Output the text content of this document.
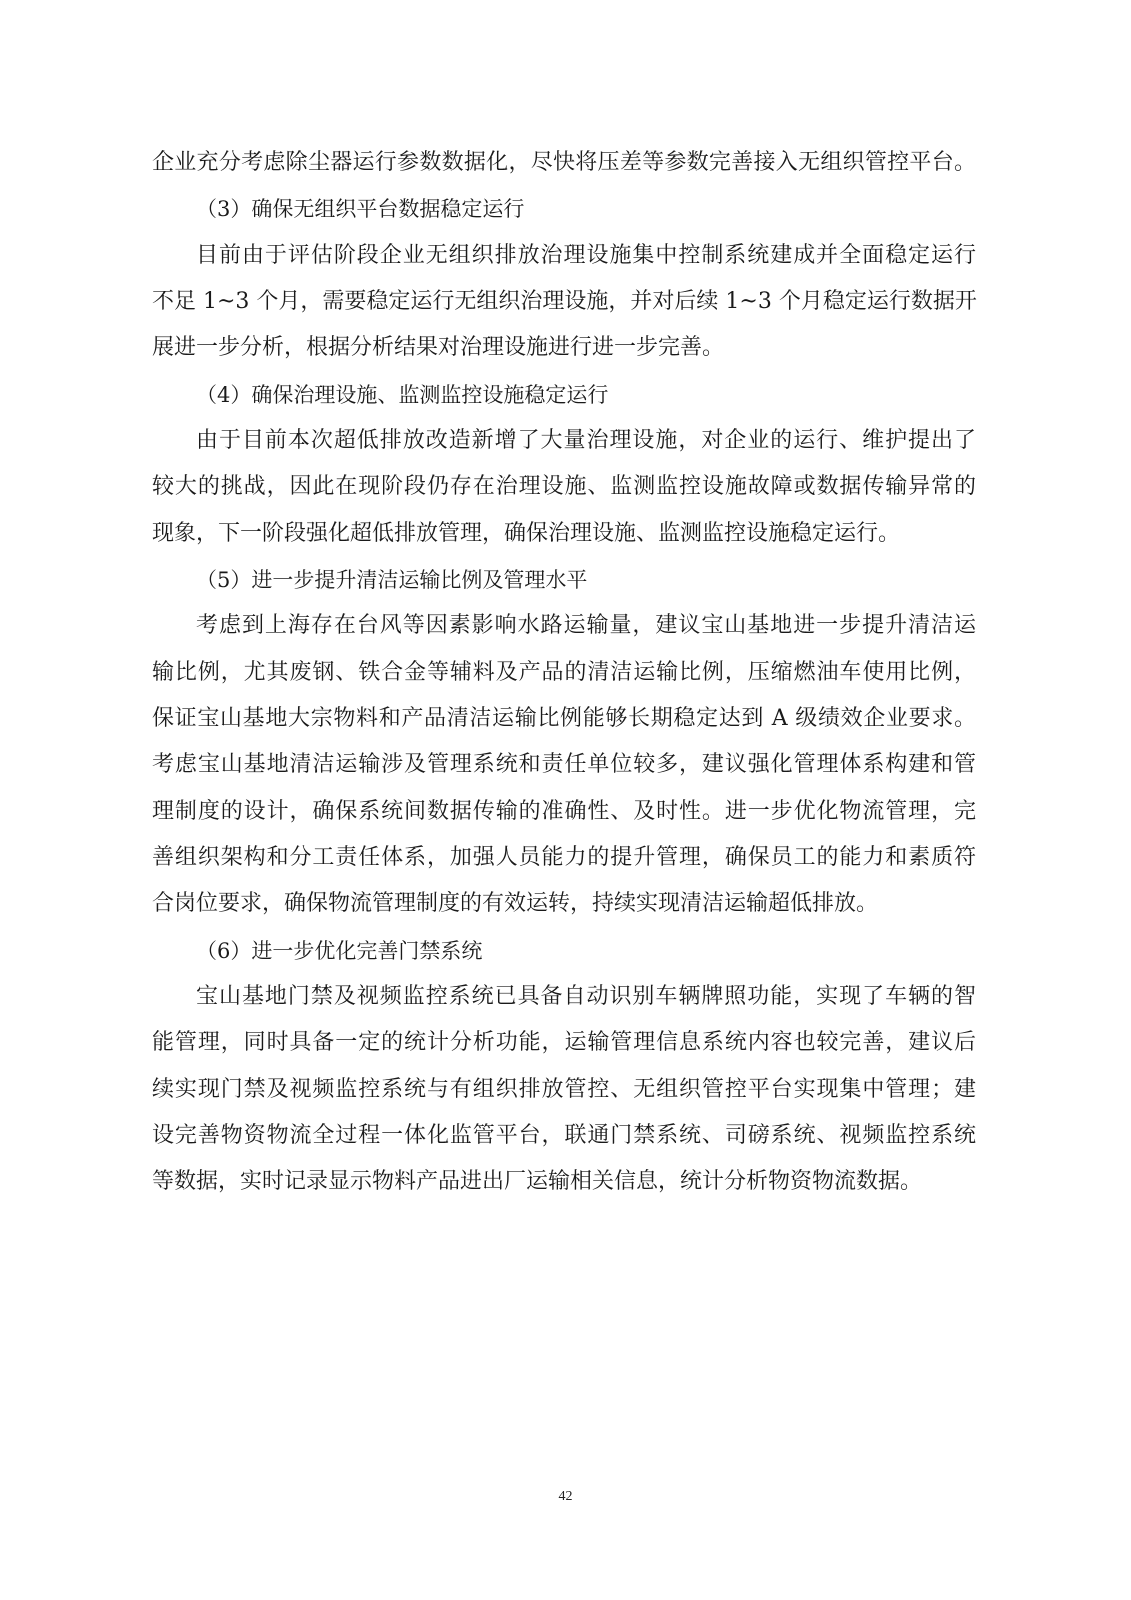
企业充分考虑除尘器运行参数数据化，尽快将压差等参数完善接入无组织管控平台。
（3）确保无组织平台数据稳定运行
目前由于评估阶段企业无组织排放治理设施集中控制系统建成并全面稳定运行
不足 1~3 个月，需要稳定运行无组织治理设施，并对后续 1~3 个月稳定运行数据开
展进一步分析，根据分析结果对治理设施进行进一步完善。
（4）确保治理设施、监测监控设施稳定运行
由于目前本次超低排放改造新增了大量治理设施，对企业的运行、维护提出了
较大的挑战，因此在现阶段仍存在治理设施、监测监控设施故障或数据传输异常的
现象，下一阶段强化超低排放管理，确保治理设施、监测监控设施稳定运行。
（5）进一步提升清洁运输比例及管理水平
考虑到上海存在台风等因素影响水路运输量，建议宝山基地进一步提升清洁运
输比例，尤其废钢、铁合金等辅料及产品的清洁运输比例，压缩燃油车使用比例，
保证宝山基地大宗物料和产品清洁运输比例能够长期稳定达到 A 级绩效企业要求。
考虑宝山基地清洁运输涉及管理系统和责任单位较多，建议强化管理体系构建和管
理制度的设计，确保系统间数据传输的准确性、及时性。进一步优化物流管理，完
善组织架构和分工责任体系，加强人员能力的提升管理，确保员工的能力和素质符
合岗位要求，确保物流管理制度的有效运转，持续实现清洁运输超低排放。
（6）进一步优化完善门禁系统
宝山基地门禁及视频监控系统已具备自动识别车辆牌照功能，实现了车辆的智
能管理，同时具备一定的统计分析功能，运输管理信息系统内容也较完善，建议后
续实现门禁及视频监控系统与有组织排放管控、无组织管控平台实现集中管理；建
设完善物资物流全过程一体化监管平台，联通门禁系统、司磅系统、视频监控系统
等数据，实时记录显示物料产品进出厂运输相关信息，统计分析物资物流数据。
42
